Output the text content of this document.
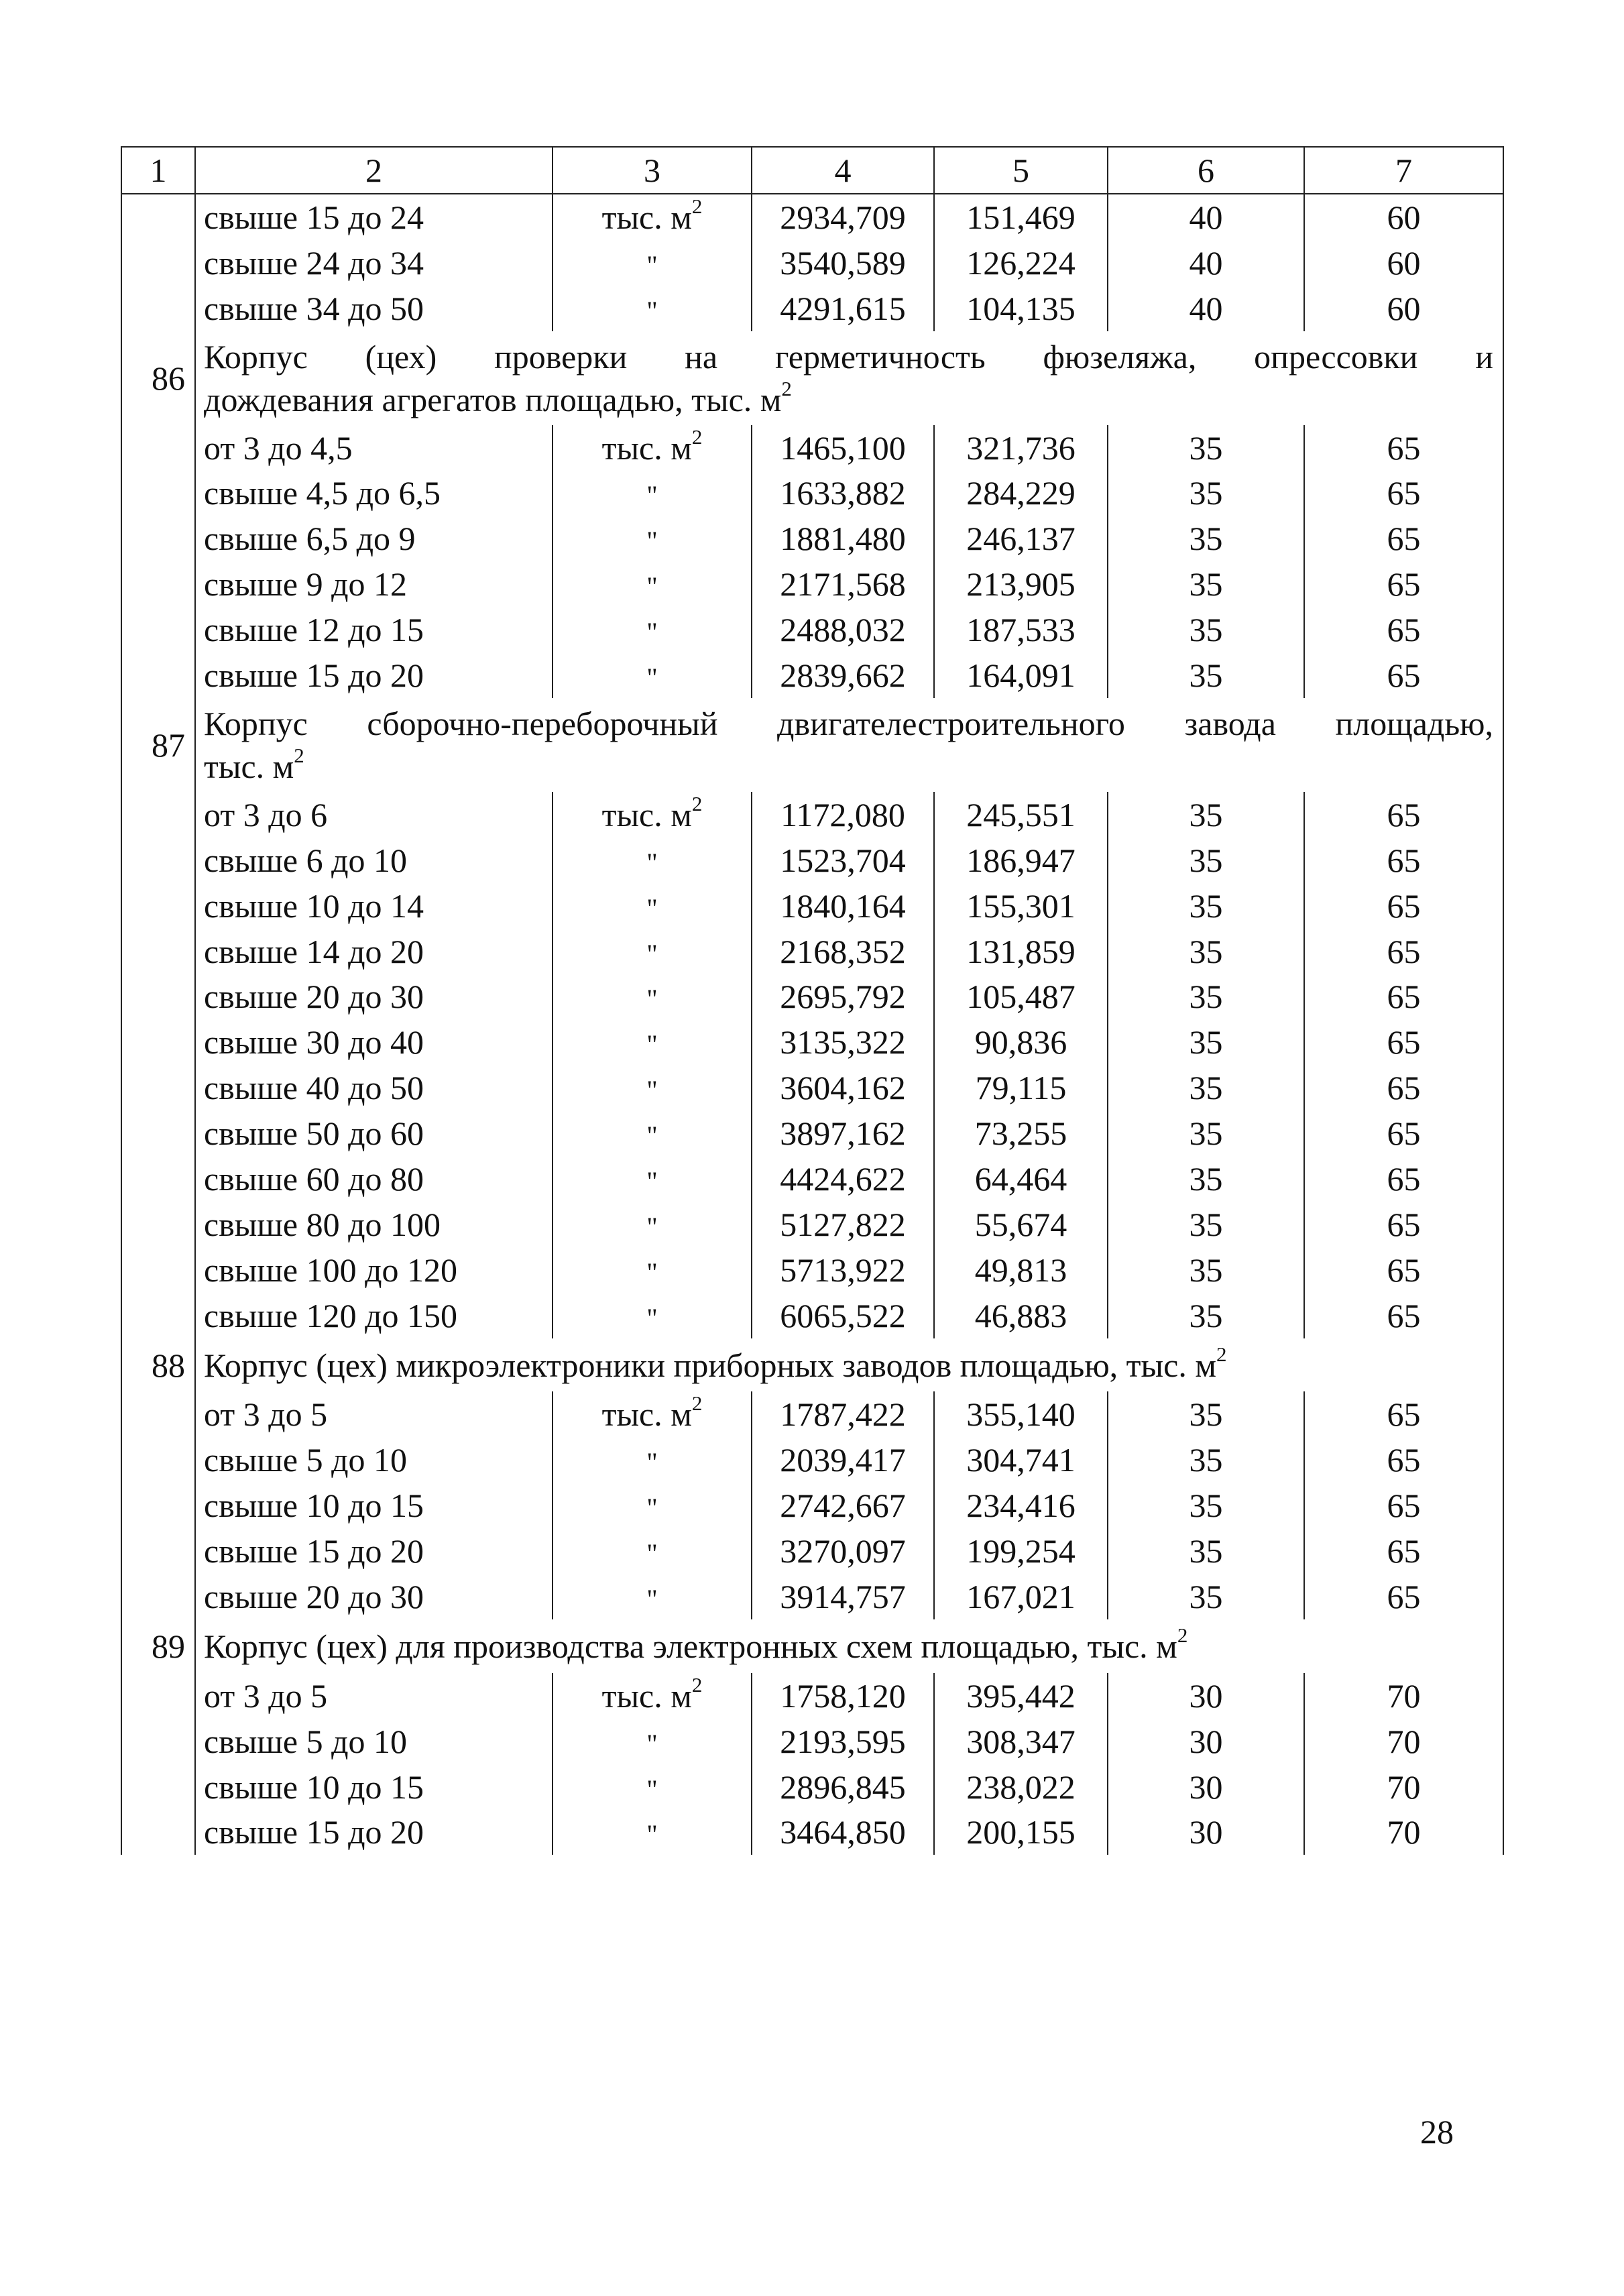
1	2	3	4	5	6	7
	свыше 15 до 24	тыс. $м^2$	2934,709	151,469	40	60
	свыше 24 до 34	"	3540,589	126,224	40	60
	свыше 34 до 50	"	4291,615	104,135	40	60
86	Корпус (цех) проверки на герметичность фюзеляжа, опрессовки и
дождевания агрегатов площадью, тыс. $м^2$

	от 3 до 4,5	тыс. $м^2$	1465,100	321,736	35	65
	свыше 4,5 до 6,5	"	1633,882	284,229	35	65
	свыше 6,5 до 9	"	1881,480	246,137	35	65
	свыше 9 до 12	"	2171,568	213,905	35	65
	свыше 12 до 15	"	2488,032	187,533	35	65
	свыше 15 до 20	"	2839,662	164,091	35	65
87	Корпус сборочно-переборочный двигателестроительного завода площадью,
тыс. $м^2$

	от 3 до 6	тыс. $м^2$	1172,080	245,551	35	65
	свыше 6 до 10	"	1523,704	186,947	35	65
	свыше 10 до 14	"	1840,164	155,301	35	65
	свыше 14 до 20	"	2168,352	131,859	35	65
	свыше 20 до 30	"	2695,792	105,487	35	65
	свыше 30 до 40	"	3135,322	90,836	35	65
	свыше 40 до 50	"	3604,162	79,115	35	65
	свыше 50 до 60	"	3897,162	73,255	35	65
	свыше 60 до 80	"	4424,622	64,464	35	65
	свыше 80 до 100	"	5127,822	55,674	35	65
	свыше 100 до 120	"	5713,922	49,813	35	65
	свыше 120 до 150	"	6065,522	46,883	35	65
88	Корпус (цех) микроэлектроники приборных заводов площадью, тыс. $м^2$
	от 3 до 5	тыс. $м^2$	1787,422	355,140	35	65
	свыше 5 до 10	"	2039,417	304,741	35	65
	свыше 10 до 15	"	2742,667	234,416	35	65
	свыше 15 до 20	"	3270,097	199,254	35	65
	свыше 20 до 30	"	3914,757	167,021	35	65
89	Корпус (цех) для производства электронных схем площадью, тыс. $м^2$
	от 3 до 5	тыс. $м^2$	1758,120	395,442	30	70
	свыше 5 до 10	"	2193,595	308,347	30	70
	свыше 10 до 15	"	2896,845	238,022	30	70
	свыше 15 до 20	"	3464,850	200,155	30	70
28
